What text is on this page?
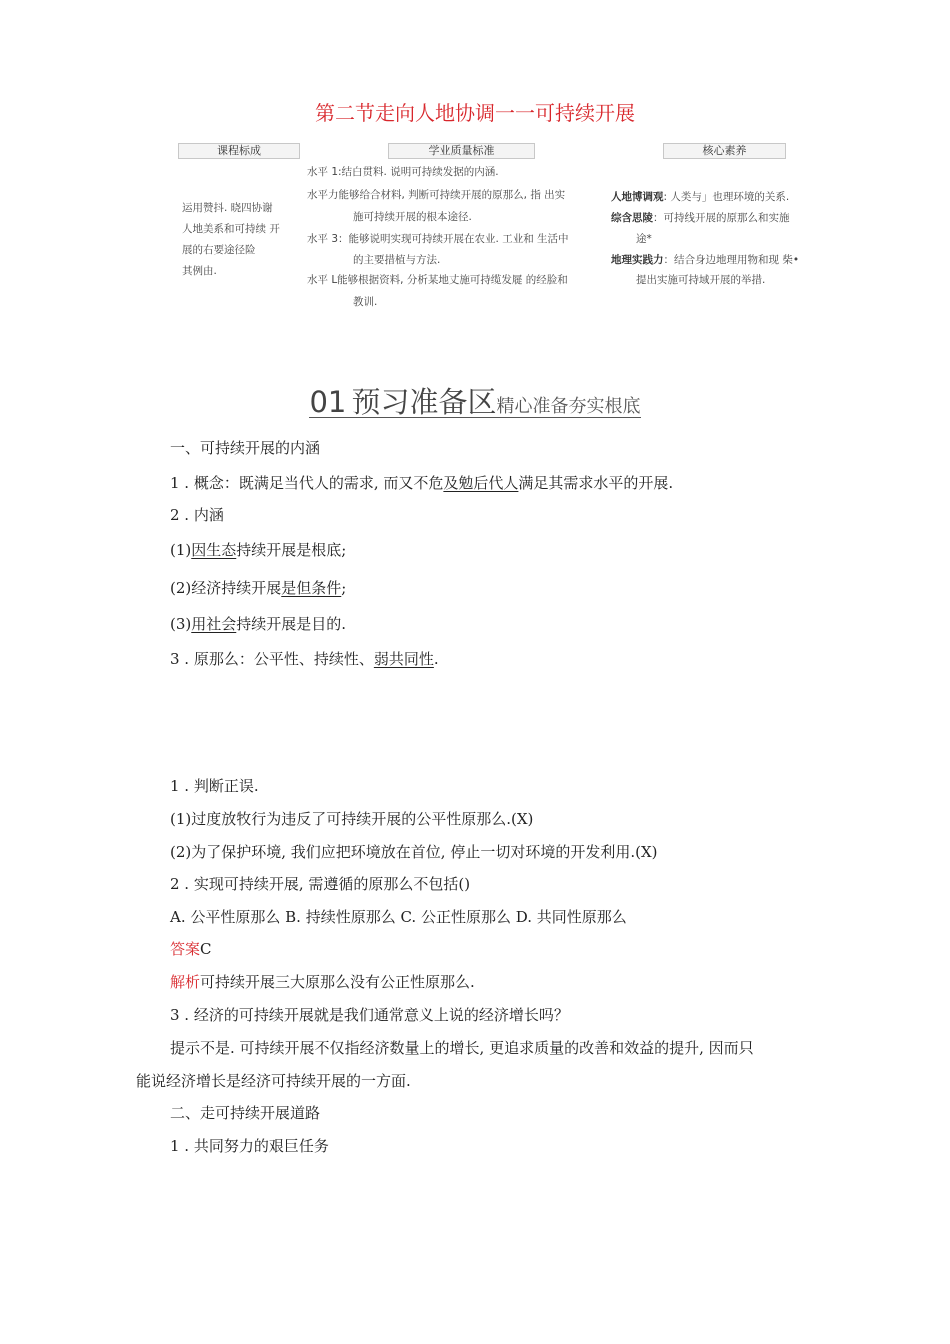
第二节走向人地协调一一可持续开展
课程标成	学业质量标准	核心素养
运用赞抖. 晓四协谢
人地美系和可持续 开
展的右要途径险
其例由.
水平 1:结白贯料. 说明可持续发据的内涵.
水平力能够给合材料, 判断可持续开展的原那么, 指 出实
施可持续开展的根本途径.
水平 3：能够说明实现可持续开展在农业. 工业和 生活中
的主要措植与方法.
水平 L能够根据资料, 分析某地丈施可持缆发屣 的经脸和
教训.
人地博调观: 人类与」也理环境的关系.
综含思陵：可持线开展的原那么和实施
途*
地理实践力：结合身边地理用物和现 柴•
提出实施可持域开展的举措.
01 预习准备区精心准备夯实根底
一、可持续开展的内涵
1 . 概念：既满足当代人的需求, 而又不危及勉后代人满足其需求水平的开展.
2 . 内涵
(1)因生态持续开展是根底;
(2)经济持续开展是但条件;
(3)用社会持续开展是目的.
3 . 原那么：公平性、持续性、弱共同性.
1 . 判断正误.
(1)过度放牧行为违反了可持续开展的公平性原那么.(X)
(2)为了保护环境, 我们应把环境放在首位, 停止一切对环境的开发利用.(X)
2 . 实现可持续开展, 需遵循的原那么不包括()
A. 公平性原那么 B. 持续性原那么 C. 公正性原那么 D. 共同性原那么
答案C
解析可持续开展三大原那么没有公正性原那么.
3 . 经济的可持续开展就是我们通常意义上说的经济增长吗？
提示不是. 可持续开展不仅指经济数量上的增长, 更追求质量的改善和效益的提升, 因而只
能说经济增长是经济可持续开展的一方面.
二、走可持续开展道路
1 . 共同努力的艰巨任务
